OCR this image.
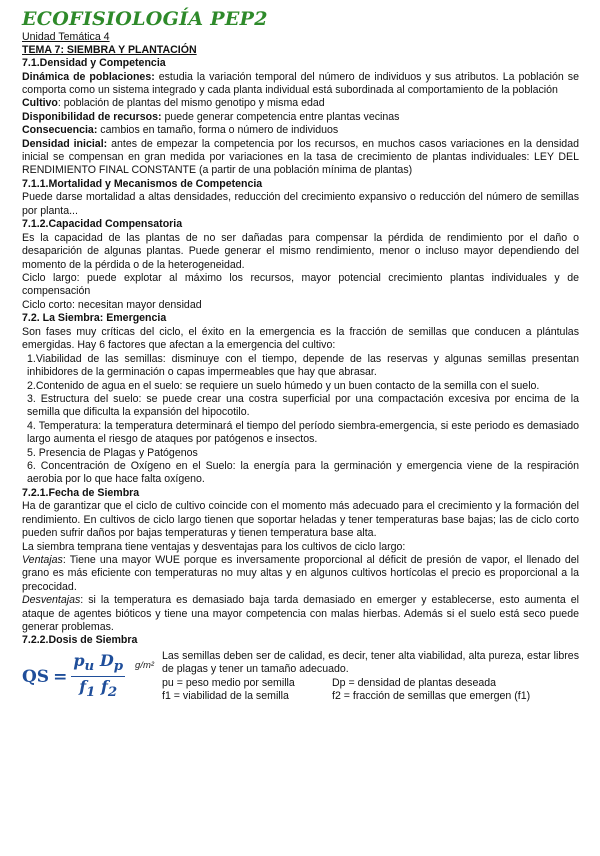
ECOFISIOLOGÍA PEP2
Unidad Temática 4
TEMA 7: SIEMBRA Y PLANTACIÓN
7.1.Densidad y Competencia

Dinámica de poblaciones: estudia la variación temporal del número de individuos y sus atributos. La población se comporta como un sistema integrado y cada planta individual está subordinada al comportamiento de la población

Cultivo: población de plantas del mismo genotipo y misma edad

Disponibilidad de recursos: puede generar competencia entre plantas vecinas

Consecuencia: cambios en tamaño, forma o número de individuos

Densidad inicial: antes de empezar la competencia por los recursos, en muchos casos variaciones en la densidad inicial se compensan en gran medida por variaciones en la tasa de crecimiento de plantas individuales: LEY DEL RENDIMIENTO FINAL CONSTANTE (a partir de una población mínima de plantas)

7.1.1.Mortalidad y Mecanismos de Competencia

Puede darse mortalidad a altas densidades, reducción del crecimiento expansivo o reducción del número de semillas por planta...

7.1.2.Capacidad Compensatoria

Es la capacidad de las plantas de no ser dañadas para compensar la pérdida de rendimiento por el daño o desaparición de algunas plantas. Puede generar el mismo rendimiento, menor o incluso mayor dependiendo del momento de la pérdida o de la heterogeneidad.

Ciclo largo: puede explotar al máximo los recursos, mayor potencial crecimiento plantas individuales y de compensación

Ciclo corto: necesitan mayor densidad

7.2. La Siembra: Emergencia

Son fases muy críticas del ciclo, el éxito en la emergencia es la fracción de semillas que conducen a plántulas emergidas. Hay 6 factores que afectan a la emergencia del cultivo:

1.Viabilidad de las semillas: disminuye con el tiempo, depende de las reservas y algunas semillas presentan inhibidores de la germinación o capas impermeables que hay que abrasar.
2.Contenido de agua en el suelo: se requiere un suelo húmedo y un buen contacto de la semilla con el suelo.
3. Estructura del suelo: se puede crear una costra superficial por una compactación excesiva por encima de la semilla que dificulta la expansión del hipocotilo.
4. Temperatura: la temperatura determinará el tiempo del período siembra-emergencia, si este periodo es demasiado largo aumenta el riesgo de ataques por patógenos e insectos.
5. Presencia de Plagas y Patógenos
6. Concentración de Oxígeno en el Suelo: la energía para la germinación y emergencia viene de la respiración aerobia por lo que hace falta oxígeno.
7.2.1.Fecha de Siembra

Ha de garantizar que el ciclo de cultivo coincide con el momento más adecuado para el crecimiento y la formación del rendimiento. En cultivos de ciclo largo tienen que soportar heladas y tener temperaturas base bajas; las de ciclo corto pueden sufrir daños por bajas temperaturas y tienen temperatura base alta.

La siembra temprana tiene ventajas y desventajas para los cultivos de ciclo largo:

Ventajas: Tiene una mayor WUE porque es inversamente proporcional al déficit de presión de vapor, el llenado del grano es más eficiente con temperaturas no muy altas y en algunos cultivos hortícolas el precio es proporcional a la precocidad.

Desventajas: si la temperatura es demasiado baja tarda demasiado en emerger y establecerse, esto aumenta el ataque de agentes bióticos y tiene una mayor competencia con malas hierbas. Además si el suelo está seco puede generar problemas.

7.2.2.Dosis de Siembra
QS = $\frac{p_u D_p}{f_1 f_2} g/m^2$

Las semillas deben ser de calidad, es decir, tener alta viabilidad, alta pureza, estar libres de plagas y tener un tamaño adecuado.

pu = peso medio por semilla	Dp = densidad de plantas deseada
f1 = viabilidad de la semilla	f2 = fracción de semillas que emergen (f1)
